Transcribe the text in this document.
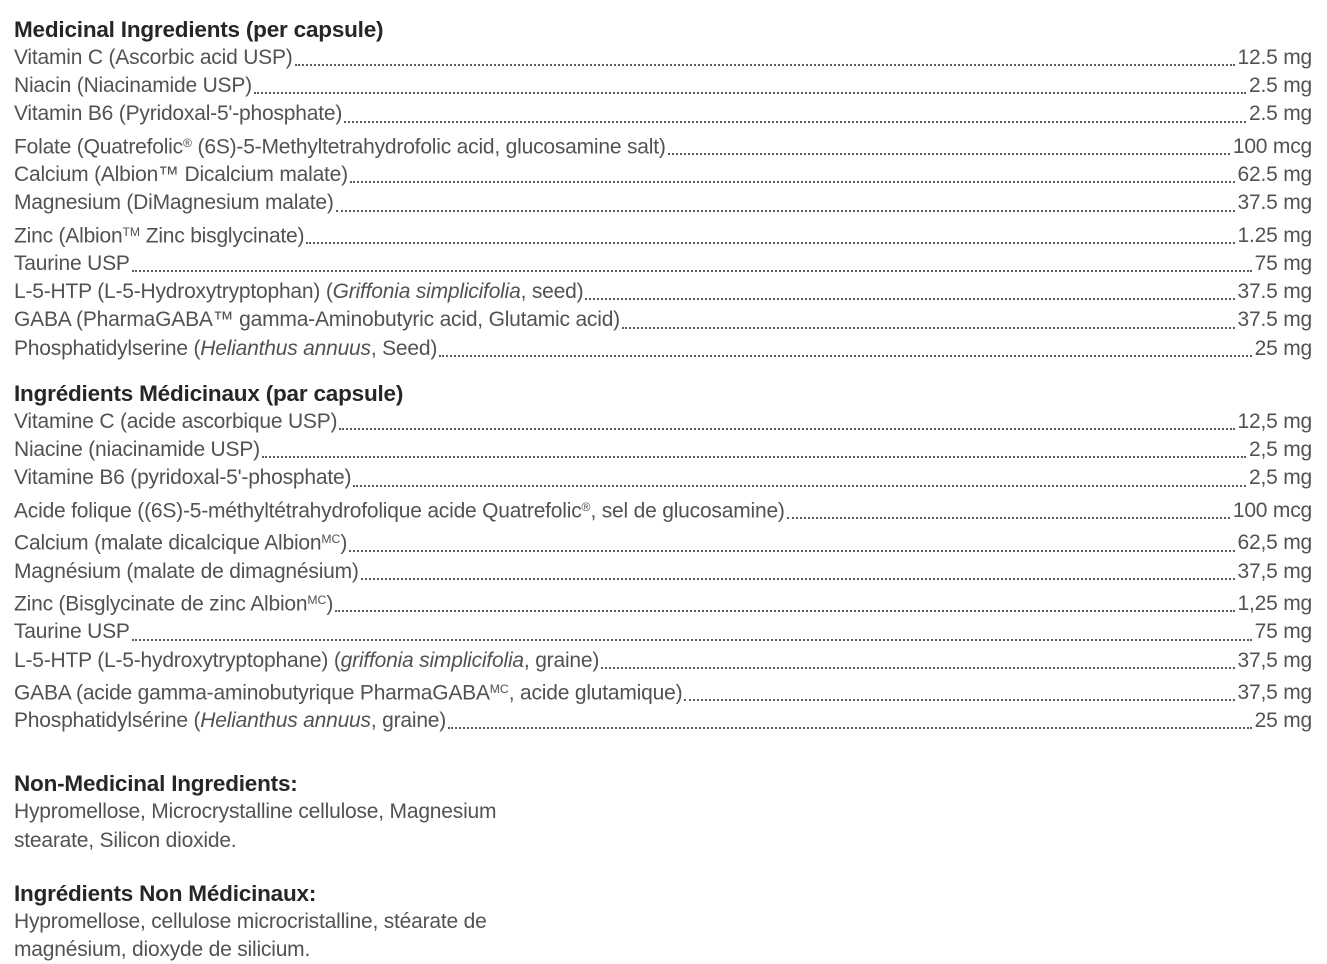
Medicinal Ingredients (per capsule)
Vitamin C (Ascorbic acid USP)	12.5 mg
Niacin (Niacinamide USP)	2.5 mg
Vitamin B6 (Pyridoxal-5'-phosphate)	2.5 mg
Folate (Quatrefolic® (6S)-5-Methyltetrahydrofolic acid, glucosamine salt)	100 mcg
Calcium (Albion™ Dicalcium malate)	62.5 mg
Magnesium (DiMagnesium malate)	37.5 mg
Zinc (Albion™ Zinc bisglycinate)	1.25 mg
Taurine USP	75 mg
L-5-HTP (L-5-Hydroxytryptophan) (Griffonia simplicifolia, seed)	37.5 mg
GABA (PharmaGABA™ gamma-Aminobutyric acid, Glutamic acid)	37.5 mg
Phosphatidylserine (Helianthus annuus, Seed)	25 mg
Ingrédients Médicinaux (par capsule)
Vitamine C (acide ascorbique USP)	12,5 mg
Niacine (niacinamide USP)	2,5 mg
Vitamine B6 (pyridoxal-5'-phosphate)	2,5 mg
Acide folique ((6S)-5-méthyltétrahydrofolique acide Quatrefolic®, sel de glucosamine)	100 mcg
Calcium (malate dicalcique Albion$^{MC}$)	62,5 mg
Magnésium (malate de dimagnésium)	37,5 mg
Zinc (Bisglycinate de zinc Albion$^{MC}$)	1,25 mg
Taurine USP	75 mg
L-5-HTP (L-5-hydroxytryptophane) (griffonia simplicifolia, graine)	37,5 mg
GABA (acide gamma-aminobutyrique PharmaGABA$^{MC}$, acide glutamique)	37,5 mg
Phosphatidylsérine (Helianthus annuus, graine)	25 mg
Non-Medicinal Ingredients:
Hypromellose, Microcrystalline cellulose, Magnesium
stearate, Silicon dioxide.
Ingrédients Non Médicinaux:
Hypromellose, cellulose microcristalline, stéarate de
magnésium, dioxyde de silicium.
